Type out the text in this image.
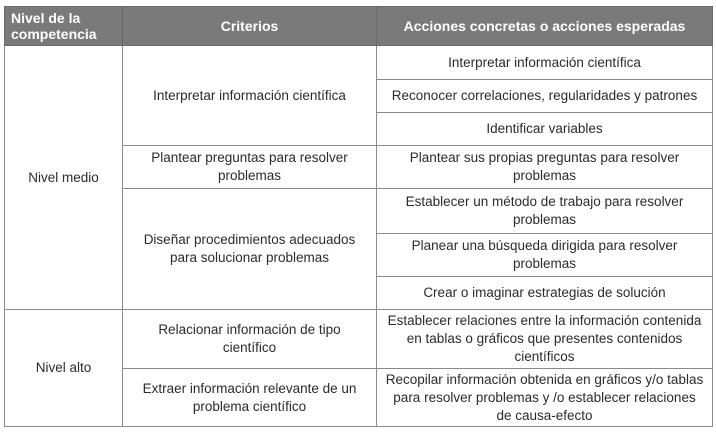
Nivel de la competencia	Criterios	Acciones concretas o acciones esperadas
Nivel medio	Interpretar información científica	Interpretar información científica
		Reconocer correlaciones, regularidades y patrones
		Identificar variables
	Plantear preguntas para resolver problemas	Plantear sus propias preguntas para resolver problemas
	Diseñar procedimientos adecuados para solucionar problemas	Establecer un método de trabajo para resolver problemas
		Planear una búsqueda dirigida para resolver problemas
		Crear o imaginar estrategias de solución
Nivel alto	Relacionar información de tipo científico	Establecer relaciones entre la información contenida en tablas o gráficos que presentes contenidos científicos
	Extraer información relevante de un problema científico	Recopilar información obtenida en gráficos y/o tablas para resolver problemas y /o establecer relaciones de causa-efecto
